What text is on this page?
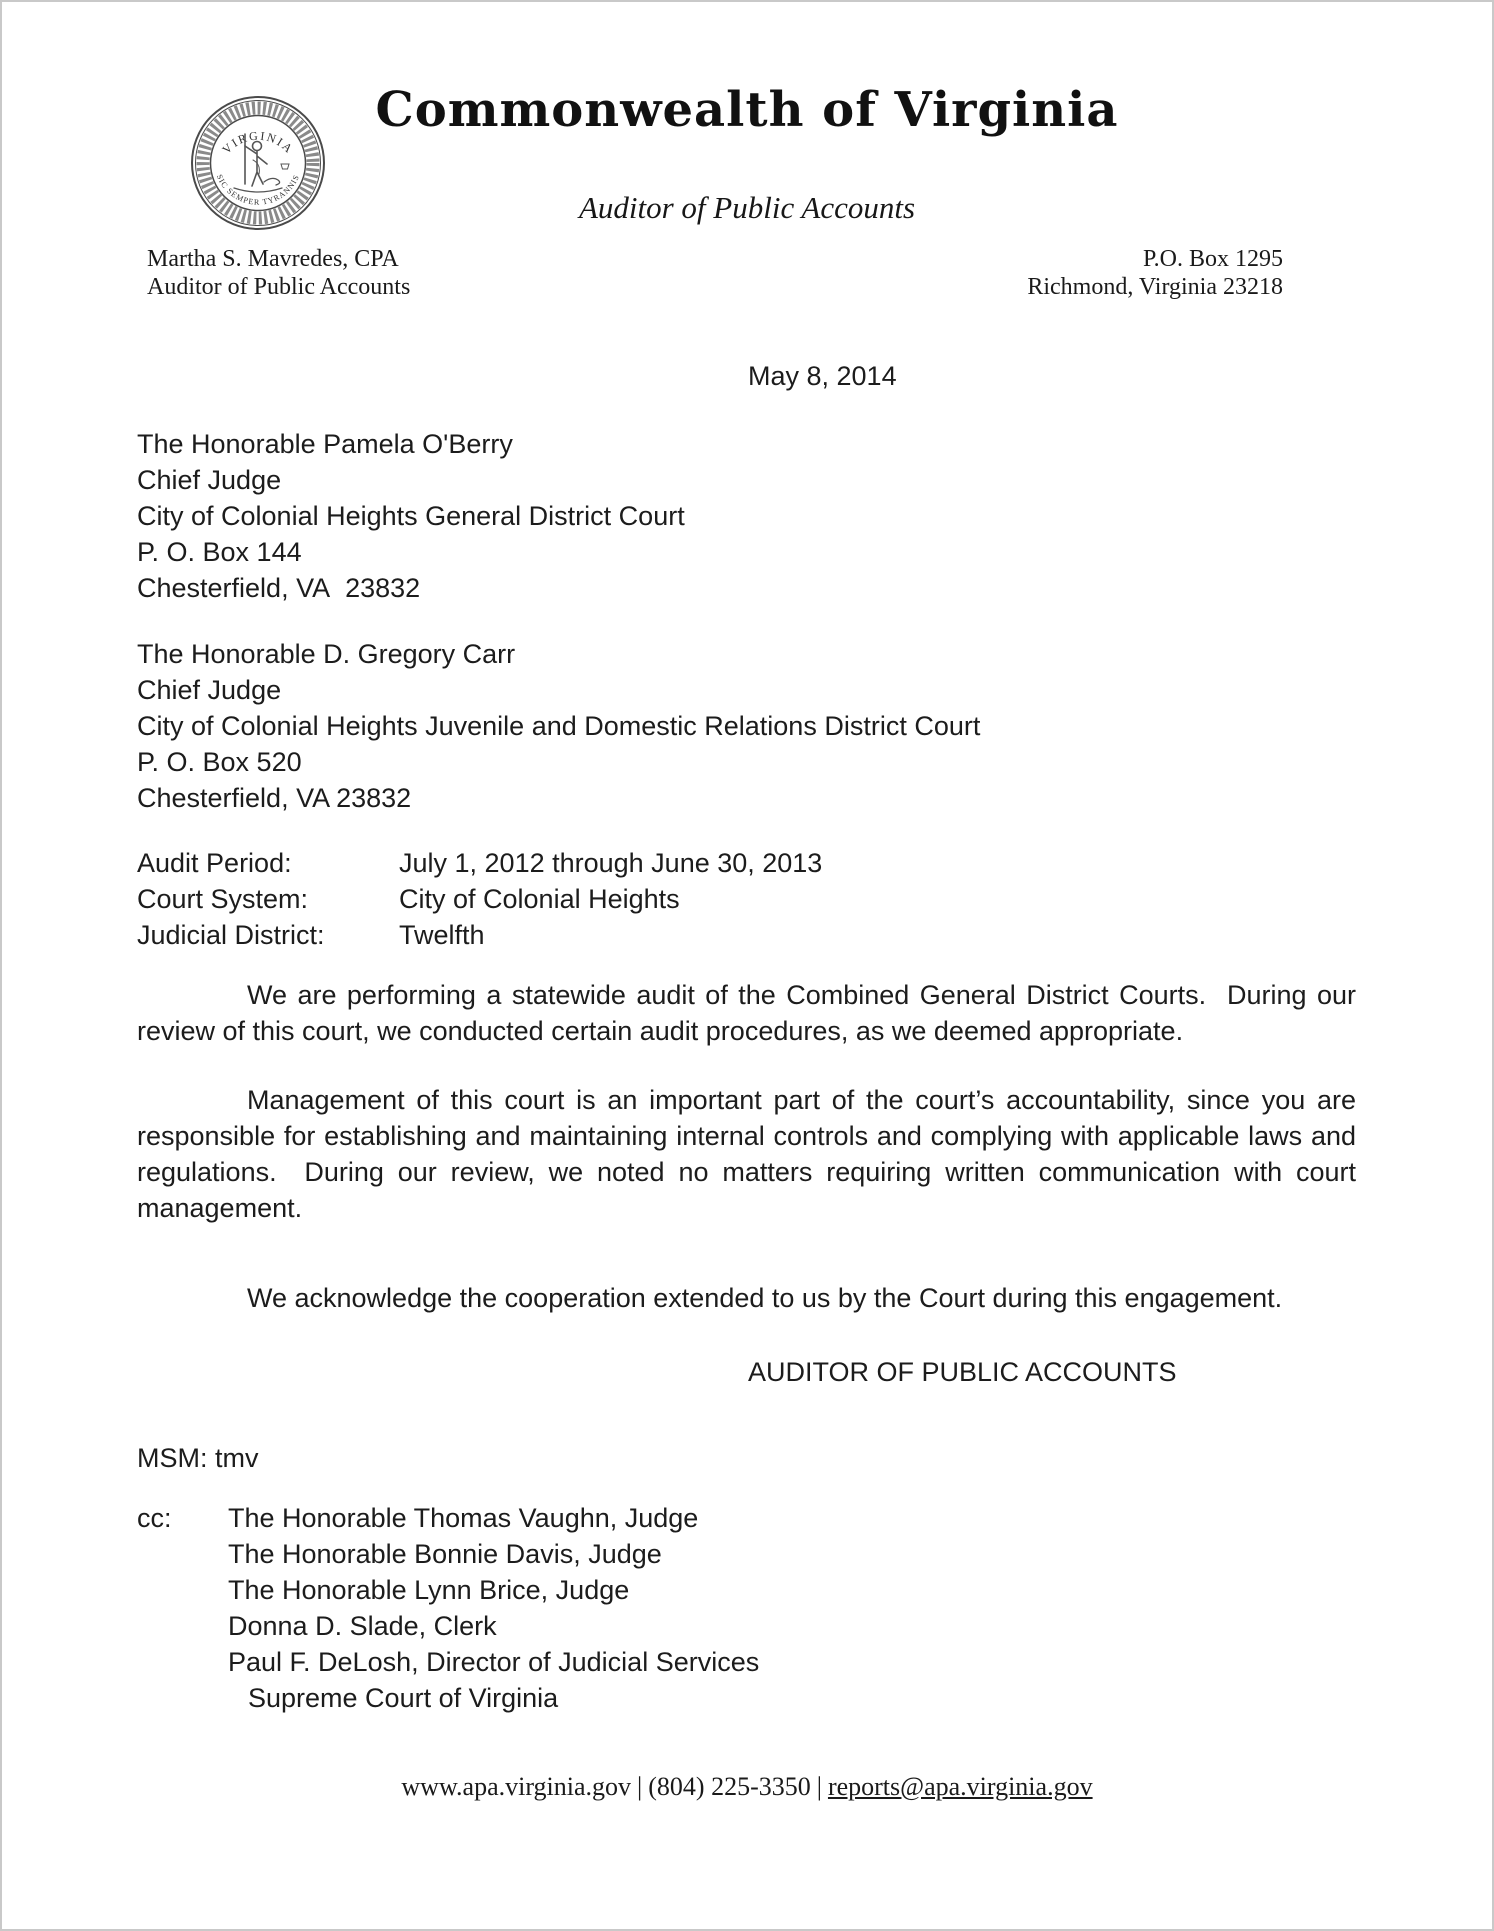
VIRGINIA
SIC SEMPER TYRANNIS
Commonwealth of Virginia
Auditor of Public Accounts
Martha S. Mavredes, CPA
Auditor of Public Accounts
P.O. Box 1295
Richmond, Virginia 23218
May 8, 2014
The Honorable Pamela O'Berry
Chief Judge
City of Colonial Heights General District Court
P. O. Box 144
Chesterfield, VA  23832
The Honorable D. Gregory Carr
Chief Judge
City of Colonial Heights Juvenile and Domestic Relations District Court
P. O. Box 520
Chesterfield, VA 23832
Audit Period:	July 1, 2012 through June 30, 2013
Court System:	City of Colonial Heights
Judicial District:	Twelfth

We are performing a statewide audit of the Combined General District Courts.  During our review of this court, we conducted certain audit procedures, as we deemed appropriate.

Management of this court is an important part of the court’s accountability, since you are responsible for establishing and maintaining internal controls and complying with applicable laws and regulations.  During our review, we noted no matters requiring written communication with court management.

We acknowledge the cooperation extended to us by the Court during this engagement.

AUDITOR OF PUBLIC ACCOUNTS
MSM: tmv
cc:	The Honorable Thomas Vaughn, Judge
The Honorable Bonnie Davis, Judge
The Honorable Lynn Brice, Judge
Donna D. Slade, Clerk
Paul F. DeLosh, Director of Judicial Services
Supreme Court of Virginia
www.apa.virginia.gov | (804) 225-3350 | reports@apa.virginia.gov
